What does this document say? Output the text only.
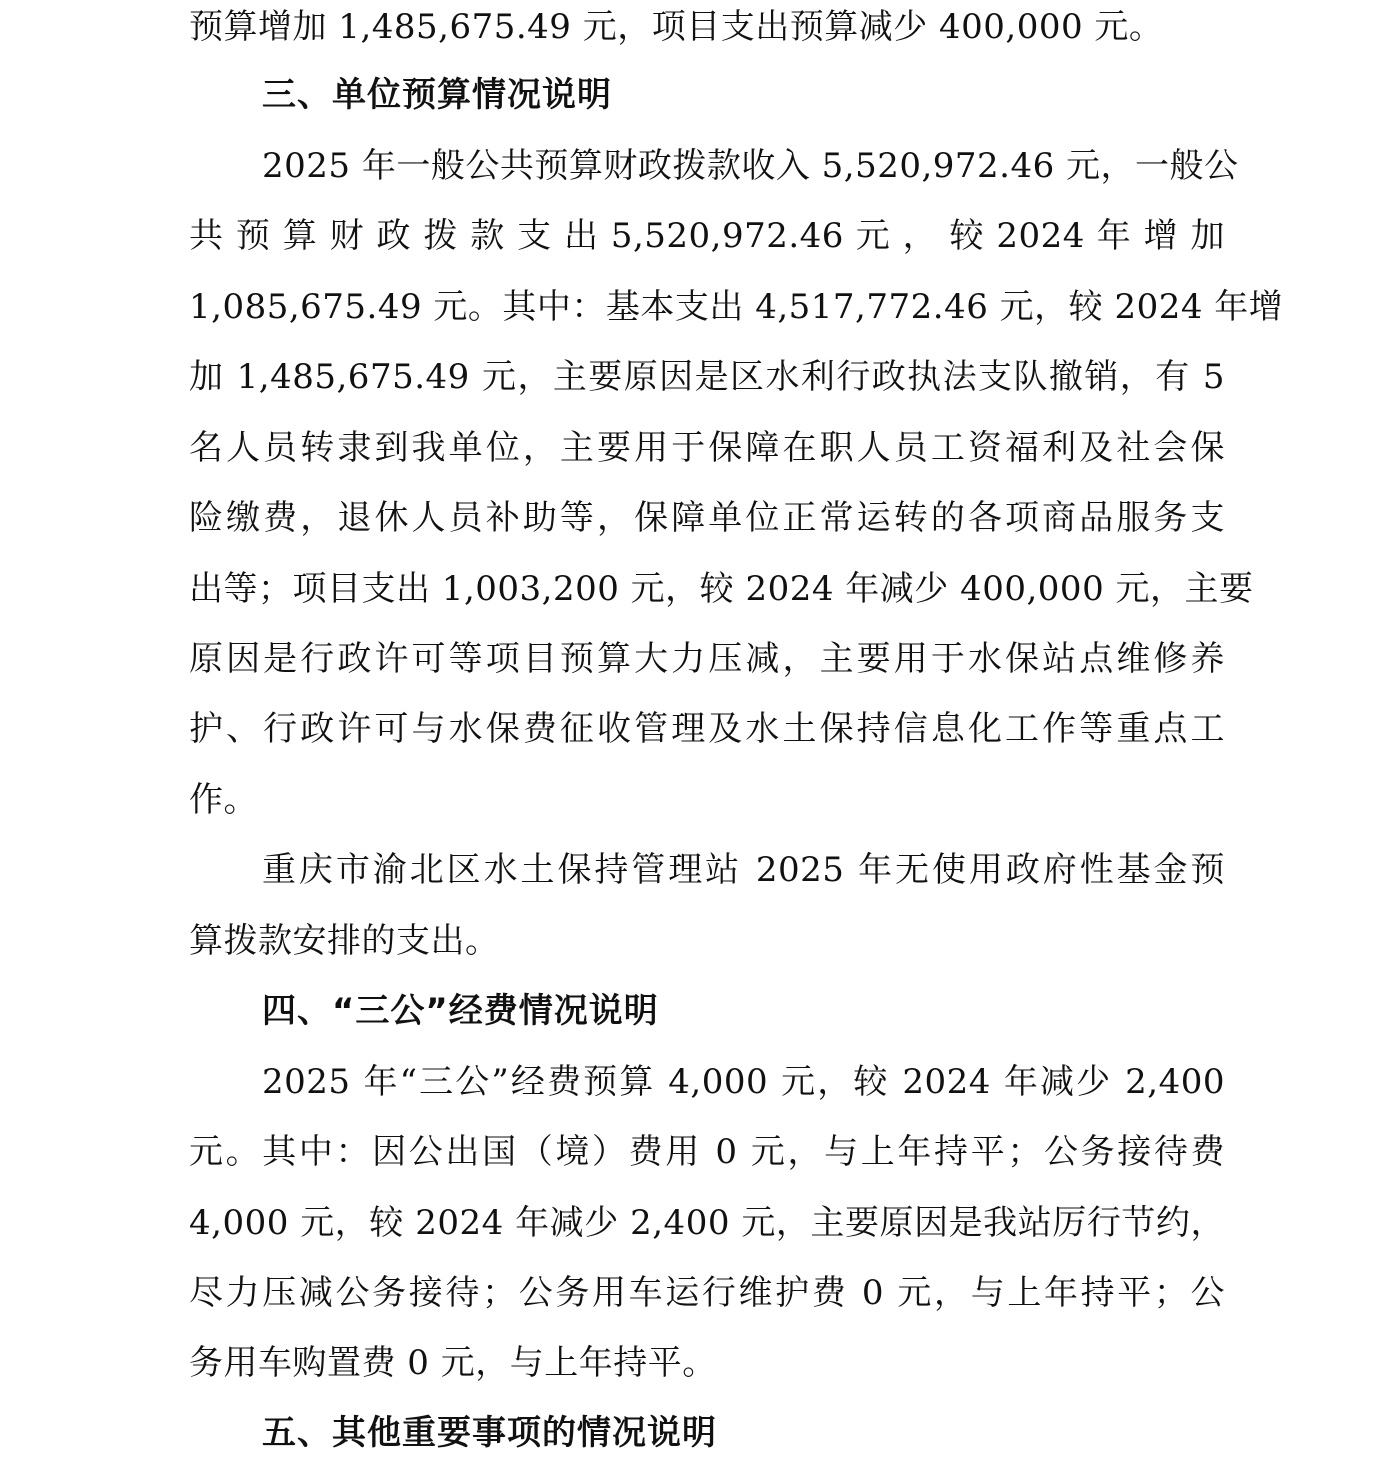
预算增加 1,485,675.49 元，项目支出预算减少 400,000 元。
三、单位预算情况说明
2025 年一般公共预算财政拨款收入 5,520,972.46 元，一般公
共 预 算 财 政 拨 款 支 出 5,520,972.46 元 ， 较 2024 年 增 加
1,085,675.49 元。其中：基本支出 4,517,772.46 元，较 2024 年增
加 1,485,675.49 元，主要原因是区水利行政执法支队撤销，有 5
名人员转隶到我单位，主要用于保障在职人员工资福利及社会保
险缴费，退休人员补助等，保障单位正常运转的各项商品服务支
出等；项目支出 1,003,200 元，较 2024 年减少 400,000 元，主要
原因是行政许可等项目预算大力压减，主要用于水保站点维修养
护、行政许可与水保费征收管理及水土保持信息化工作等重点工
作。
重庆市渝北区水土保持管理站 2025 年无使用政府性基金预
算拨款安排的支出。
四、“三公”经费情况说明
2025 年“三公”经费预算 4,000 元，较 2024 年减少 2,400
元。其中：因公出国（境）费用 0 元，与上年持平；公务接待费
4,000 元，较 2024 年减少 2,400 元，主要原因是我站厉行节约，
尽力压减公务接待；公务用车运行维护费 0 元，与上年持平；公
务用车购置费 0 元，与上年持平。
五、其他重要事项的情况说明
